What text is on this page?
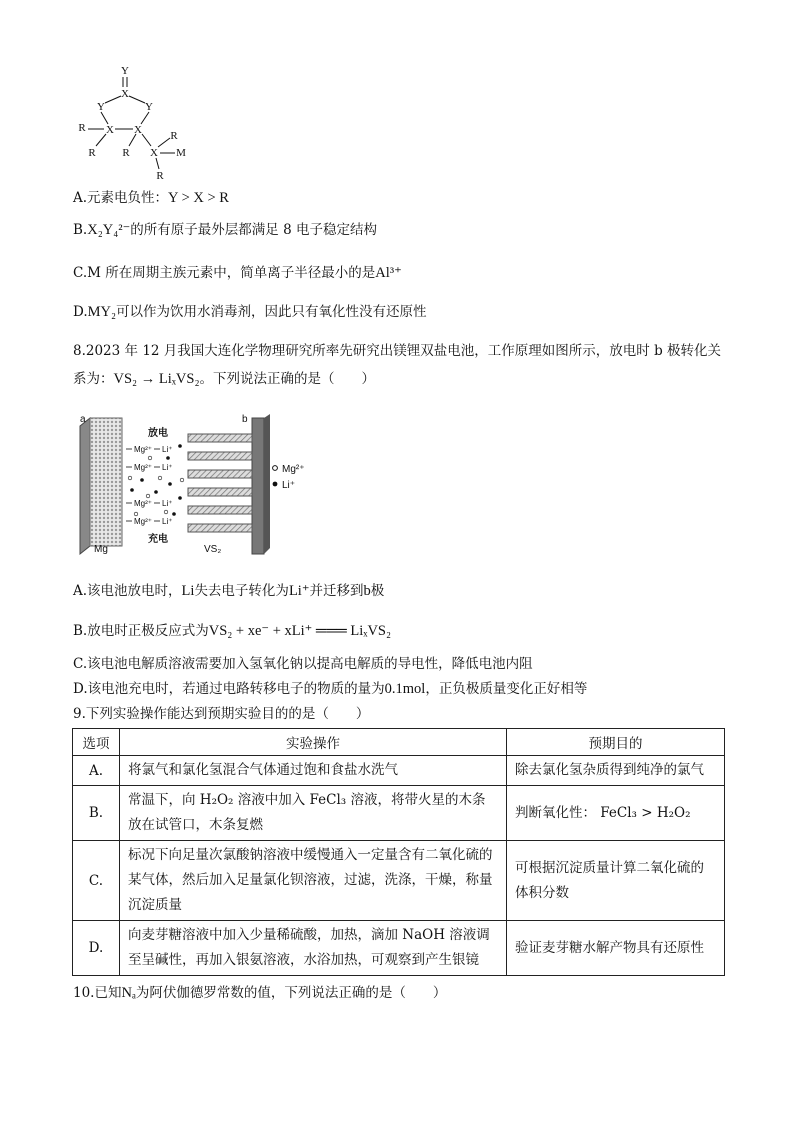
Y
X
Y	Y
R X X
R R
R
X M
R
A.元素电负性：Y > X > R
B.X₂Y₄²⁻的所有原子最外层都满足 8 电子稳定结构
C.M 所在周期主族元素中，简单离子半径最小的是Al³⁺
D.MY₂可以作为饮用水消毒剂，因此只有氧化性没有还原性
8.2023 年 12 月我国大连化学物理研究所率先研究出镁锂双盐电池，工作原理如图所示，放电时 b 极转化关
系为：VS₂ → LiₓVS₂。下列说法正确的是（　　）
a	b
放电
充电
Mg	VS₂
Mg²⁺ Li⁺
Mg²⁺ Li⁺
Mg²⁺ Li⁺
Mg²⁺ Li⁺
Mg²⁺
Li⁺
A.该电池放电时，Li失去电子转化为Li⁺并迁移到b极
B.放电时正极反应式为VS₂ + xe⁻ + xLi⁺ ═══ LiₓVS₂
C.该电池电解质溶液需要加入氢氧化钠以提高电解质的导电性，降低电池内阻
D.该电池充电时，若通过电路转移电子的物质的量为0.1mol，正负极质量变化正好相等
9.下列实验操作能达到预期实验目的的是（　　）
选项	实验操作	预期目的
A.	将氯气和氯化氢混合气体通过饱和食盐水洗气	除去氯化氢杂质得到纯净的氯气
B.	常温下，向 H₂O₂ 溶液中加入 FeCl₃ 溶液，将带火星的木条放在试管口，木条复燃	判断氧化性： FeCl₃ > H₂O₂
C.	标况下向足量次氯酸钠溶液中缓慢通入一定量含有二氧化硫的某气体，然后加入足量氯化钡溶液，过滤，洗涤，干燥，称量沉淀质量	可根据沉淀质量计算二氧化硫的体积分数
D.	向麦芽糖溶液中加入少量稀硫酸，加热，滴加 NaOH 溶液调至呈碱性，再加入银氨溶液，水浴加热，可观察到产生银镜	验证麦芽糖水解产物具有还原性
10.已知Nₐ为阿伏伽德罗常数的值，下列说法正确的是（　　）
